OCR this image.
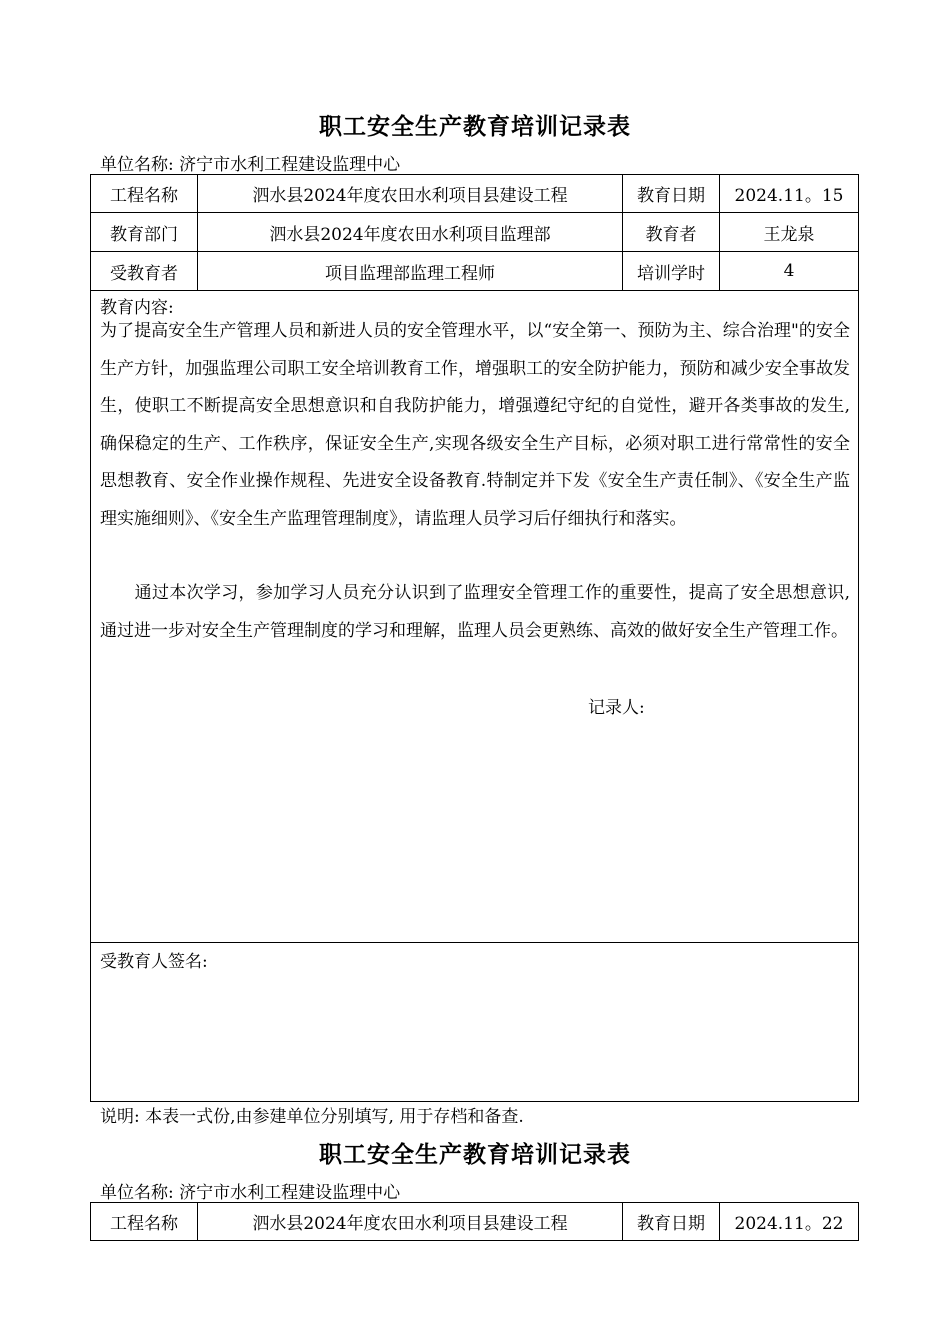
职工安全生产教育培训记录表
单位名称: 济宁市水利工程建设监理中心
工程名称	泗水县2024年度农田水利项目县建设工程	教育日期	2024.11。15
教育部门	泗水县2024年度农田水利项目监理部	教育者	王龙泉
受教育者	项目监理部监理工程师	培训学时	4

教育内容:

为了提高安全生产管理人员和新进人员的安全管理水平，以“安全第一、预防为主、综合治理"的安全生产方针，加强监理公司职工安全培训教育工作，增强职工的安全防护能力，预防和减少安全事故发生，使职工不断提高安全思想意识和自我防护能力，增强遵纪守纪的自觉性，避开各类事故的发生,确保稳定的生产、工作秩序，保证安全生产,实现各级安全生产目标，必须对职工进行常常性的安全思想教育、安全作业操作规程、先进安全设备教育.特制定并下发《安全生产责任制》、《安全生产监理实施细则》、《安全生产监理管理制度》，请监理人员学习后仔细执行和落实。

　　通过本次学习，参加学习人员充分认识到了监理安全管理工作的重要性，提高了安全思想意识,通过进一步对安全生产管理制度的学习和理解，监理人员会更熟练、高效的做好安全生产管理工作。

记录人:			

受教育人签名:			
说明: 本表一式份,由参建单位分别填写, 用于存档和备查.
职工安全生产教育培训记录表
单位名称: 济宁市水利工程建设监理中心
工程名称	泗水县2024年度农田水利项目县建设工程	教育日期	2024.11。22
